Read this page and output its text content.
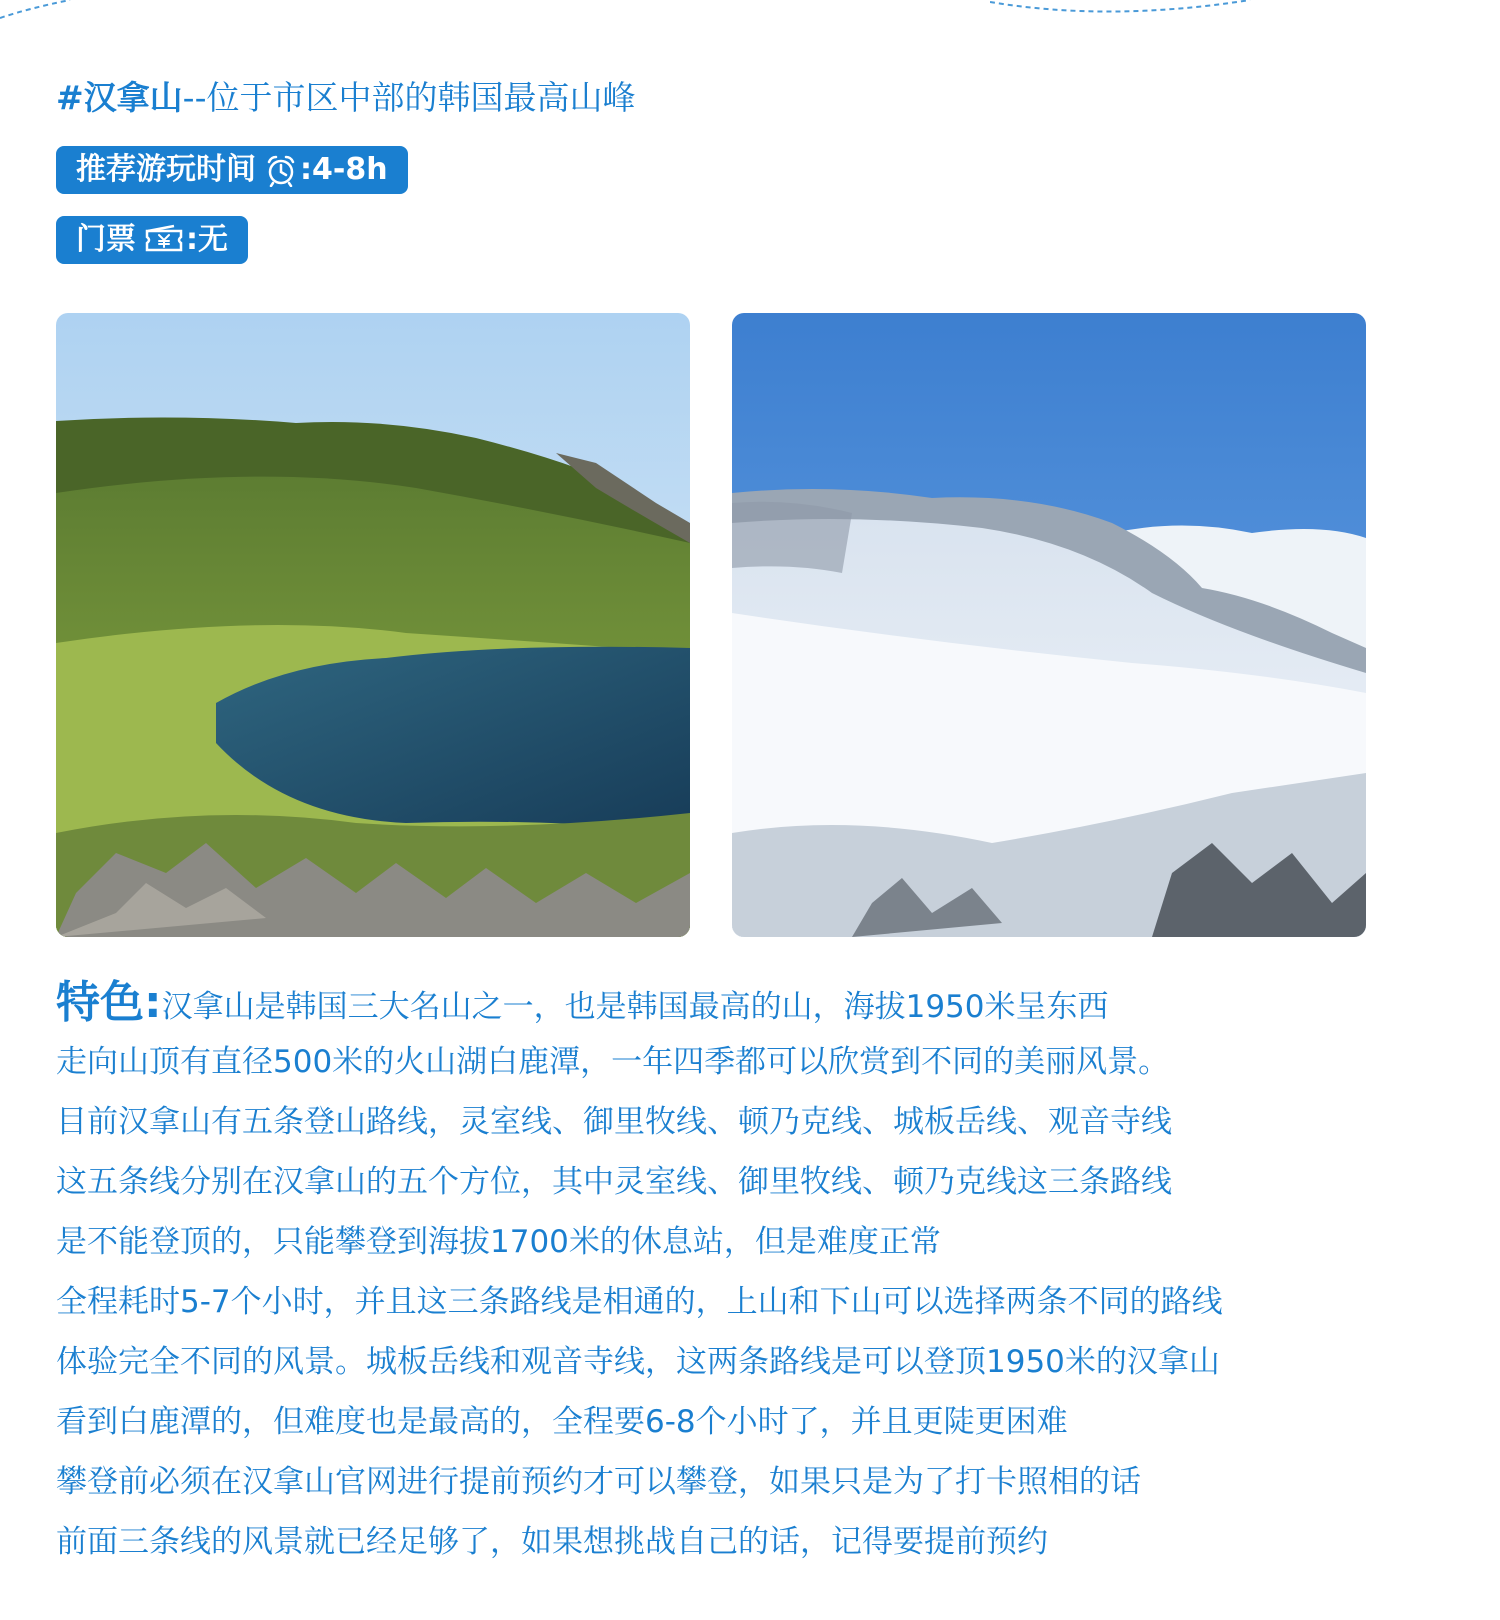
#汉拿山--位于市区中部的韩国最高山峰
推荐游玩时间 :4-8h
门票 :无
特色:汉拿山是韩国三大名山之一，也是韩国最高的山，海拔1950米呈东西
走向山顶有直径500米的火山湖白鹿潭，一年四季都可以欣赏到不同的美丽风景。
目前汉拿山有五条登山路线，灵室线、御里牧线、顿乃克线、城板岳线、观音寺线
这五条线分别在汉拿山的五个方位，其中灵室线、御里牧线、顿乃克线这三条路线
是不能登顶的，只能攀登到海拔1700米的休息站，但是难度正常
全程耗时5-7个小时，并且这三条路线是相通的，上山和下山可以选择两条不同的路线
体验完全不同的风景。城板岳线和观音寺线，这两条路线是可以登顶1950米的汉拿山
看到白鹿潭的，但难度也是最高的，全程要6-8个小时了，并且更陡更困难
攀登前必须在汉拿山官网进行提前预约才可以攀登，如果只是为了打卡照相的话
前面三条线的风景就已经足够了，如果想挑战自己的话，记得要提前预约
